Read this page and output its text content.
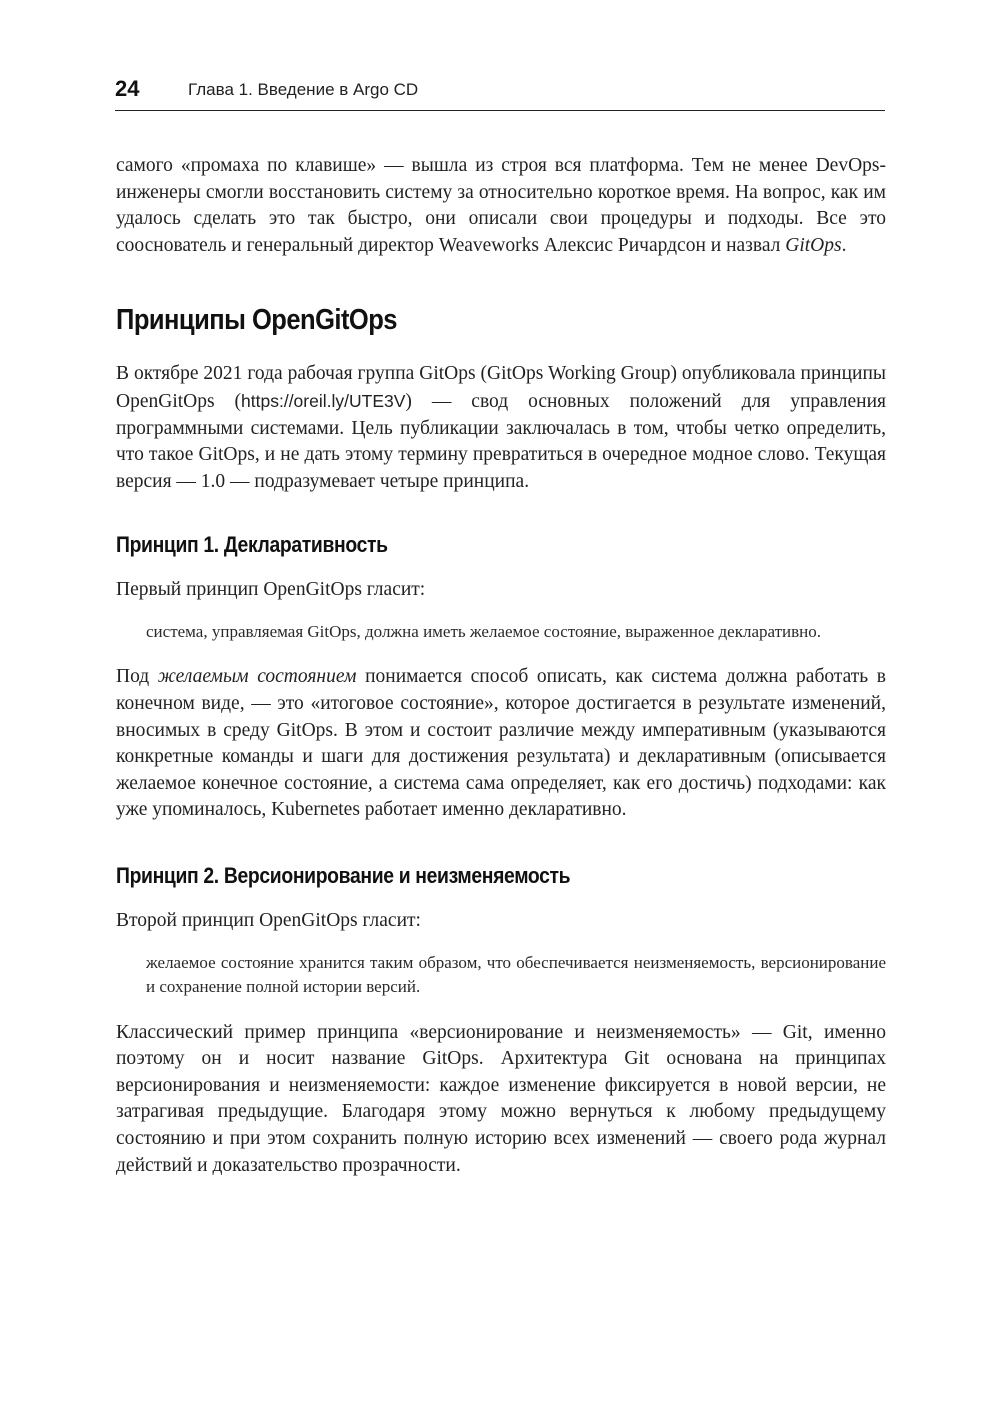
24	Глава 1. Введение в Argo CD

самого «промаха по клавише» — вышла из строя вся платформа. Тем не менее DevOps-инженеры смогли восстановить систему за относительно короткое время. На вопрос, как им удалось сделать это так быстро, они описали свои процедуры и подходы. Все это сооснователь и генеральный директор Weaveworks Алексис Ричардсон и назвал GitOps.

Принципы OpenGitOps

В октябре 2021 года рабочая группа GitOps (GitOps Working Group) опубликовала принципы OpenGitOps (https://oreil.ly/UTE3V) — свод основных положений для управления программными системами. Цель публикации заключалась в том, чтобы четко определить, что такое GitOps, и не дать этому термину превратиться в очередное модное слово. Текущая версия — 1.0 — подразумевает четыре принципа.

Принцип 1. Декларативность

Первый принцип OpenGitOps гласит:

система, управляемая GitOps, должна иметь желаемое состояние, выраженное декларативно.

Под желаемым состоянием понимается способ описать, как система должна работать в конечном виде, — это «итоговое состояние», которое достигается в результате изменений, вносимых в среду GitOps. В этом и состоит различие между императивным (указываются конкретные команды и шаги для достижения результата) и декларативным (описывается желаемое конечное состояние, а система сама определяет, как его достичь) подходами: как уже упоминалось, Kubernetes работает именно декларативно.

Принцип 2. Версионирование и неизменяемость

Второй принцип OpenGitOps гласит:

желаемое состояние хранится таким образом, что обеспечивается неизменяемость, версионирование и сохранение полной истории версий.

Классический пример принципа «версионирование и неизменяемость» — Git, именно поэтому он и носит название GitOps. Архитектура Git основана на принципах версионирования и неизменяемости: каждое изменение фиксируется в новой версии, не затрагивая предыдущие. Благодаря этому можно вернуться к любому предыдущему состоянию и при этом сохранить полную историю всех изменений — своего рода журнал действий и доказательство прозрачности.
